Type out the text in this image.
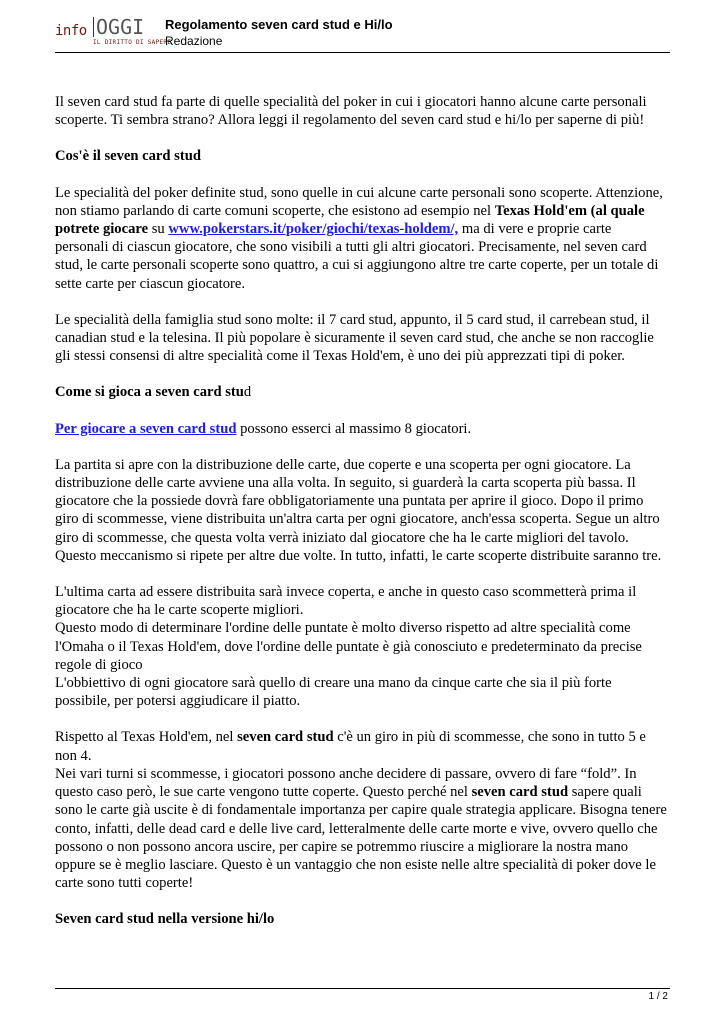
info OGGI
IL DIRITTO DI SAPERE
Regolamento seven card stud e Hi/lo
Redazione

Il seven card stud fa parte di quelle specialità del poker in cui i giocatori hanno alcune carte personali scoperte. Ti sembra strano? Allora leggi il regolamento del seven card stud e hi/lo per saperne di più!

Cos'è il seven card stud

Le specialità del poker definite stud, sono quelle in cui alcune carte personali sono scoperte. Attenzione, non stiamo parlando di carte comuni scoperte, che esistono ad esempio nel Texas Hold'em (al quale potrete giocare su www.pokerstars.it/poker/giochi/texas-holdem/, ma di vere e proprie carte personali di ciascun giocatore, che sono visibili a tutti gli altri giocatori. Precisamente, nel seven card stud, le carte personali scoperte sono quattro, a cui si aggiungono altre tre carte coperte, per un totale di sette carte per ciascun giocatore.

Le specialità della famiglia stud sono molte: il 7 card stud, appunto, il 5 card stud, il carrebean stud, il canadian stud e la telesina. Il più popolare è sicuramente il seven card stud, che anche se non raccoglie gli stessi consensi di altre specialità come il Texas Hold'em, è uno dei più apprezzati tipi di poker.

Come si gioca a seven card stud

Per giocare a seven card stud possono esserci al massimo 8 giocatori.

La partita si apre con la distribuzione delle carte, due coperte e una scoperta per ogni giocatore. La distribuzione delle carte avviene una alla volta. In seguito, si guarderà la carta scoperta più bassa. Il giocatore che la possiede dovrà fare obbligatoriamente una puntata per aprire il gioco. Dopo il primo giro di scommesse, viene distribuita un'altra carta per ogni giocatore, anch'essa scoperta. Segue un altro giro di scommesse, che questa volta verrà iniziato dal giocatore che ha le carte migliori del tavolo. Questo meccanismo si ripete per altre due volte. In tutto, infatti, le carte scoperte distribuite saranno tre.

L'ultima carta ad essere distribuita sarà invece coperta, e anche in questo caso scommetterà prima il giocatore che ha le carte scoperte migliori.

Questo modo di determinare l'ordine delle puntate è molto diverso rispetto ad altre specialità come l'Omaha o il Texas Hold'em, dove l'ordine delle puntate è già conosciuto e predeterminato da precise regole di gioco

L'obbiettivo di ogni giocatore sarà quello di creare una mano da cinque carte che sia il più forte possibile, per potersi aggiudicare il piatto.

Rispetto al Texas Hold'em, nel seven card stud c'è un giro in più di scommesse, che sono in tutto 5 e non 4.

Nei vari turni si scommesse, i giocatori possono anche decidere di passare, ovvero di fare “fold”. In questo caso però, le sue carte vengono tutte coperte. Questo perché nel seven card stud sapere quali sono le carte già uscite è di fondamentale importanza per capire quale strategia applicare. Bisogna tenere conto, infatti, delle dead card e delle live card, letteralmente delle carte morte e vive, ovvero quello che possono o non possono ancora uscire, per capire se potremmo riuscire a migliorare la nostra mano oppure se è meglio lasciare. Questo è un vantaggio che non esiste nelle altre specialità di poker dove le carte sono tutti coperte!

Seven card stud nella versione hi/lo
1 / 2
